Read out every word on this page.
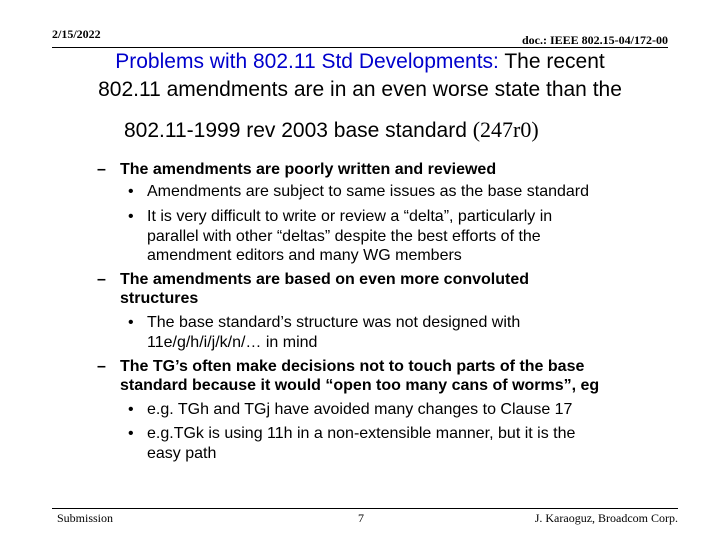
2/15/2022	doc.: IEEE 802.15-04/172-00
Problems with 802.11 Std Developments: The recent
802.11 amendments are in an even worse state than the
802.11-1999 rev 2003 base standard (247r0)
– The amendments are poorly written and reviewed
• Amendments are subject to same issues as the base standard
• It is very difficult to write or review a “delta”, particularly in
parallel with other “deltas” despite the best efforts of the
amendment editors and many WG members
– The amendments are based on even more convoluted
structures
• The base standard’s structure was not designed with
11e/g/h/i/j/k/n/… in mind
– The TG’s often make decisions not to touch parts of the base
standard because it would “open too many cans of worms”, eg
• e.g. TGh and TGj have avoided many changes to Clause 17
• e.g.TGk is using 11h in a non-extensible manner, but it is the
easy path
Submission	7	J. Karaoguz, Broadcom Corp.
